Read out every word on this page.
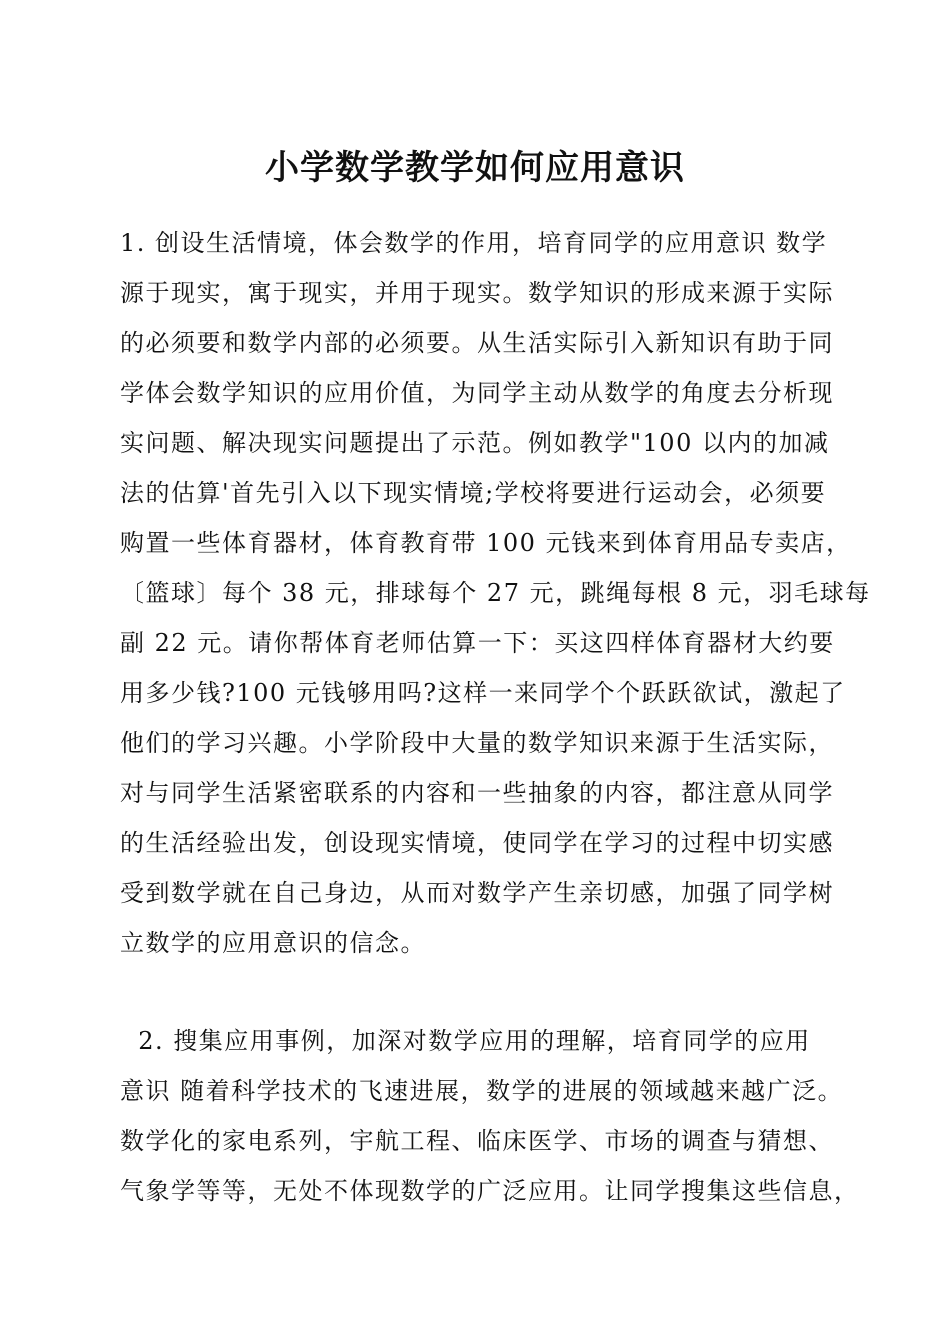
小学数学教学如何应用意识
1. 创设生活情境，体会数学的作用，培育同学的应用意识 数学
源于现实，寓于现实，并用于现实。数学知识的形成来源于实际
的必须要和数学内部的必须要。从生活实际引入新知识有助于同
学体会数学知识的应用价值，为同学主动从数学的角度去分析现
实问题、解决现实问题提出了示范。例如教学"100 以内的加减
法的估算'首先引入以下现实情境;学校将要进行运动会，必须要
购置一些体育器材，体育教育带 100 元钱来到体育用品专卖店，
〔篮球〕每个 38 元，排球每个 27 元，跳绳每根 8 元，羽毛球每
副 22 元。请你帮体育老师估算一下：买这四样体育器材大约要
用多少钱?100 元钱够用吗?这样一来同学个个跃跃欲试，激起了
他们的学习兴趣。小学阶段中大量的数学知识来源于生活实际，
对与同学生活紧密联系的内容和一些抽象的内容，都注意从同学
的生活经验出发，创设现实情境，使同学在学习的过程中切实感
受到数学就在自己身边，从而对数学产生亲切感，加强了同学树
立数学的应用意识的信念。
2. 搜集应用事例，加深对数学应用的理解，培育同学的应用
意识 随着科学技术的飞速进展，数学的进展的领域越来越广泛。
数学化的家电系列，宇航工程、临床医学、市场的调查与猜想、
气象学等等，无处不体现数学的广泛应用。让同学搜集这些信息，
